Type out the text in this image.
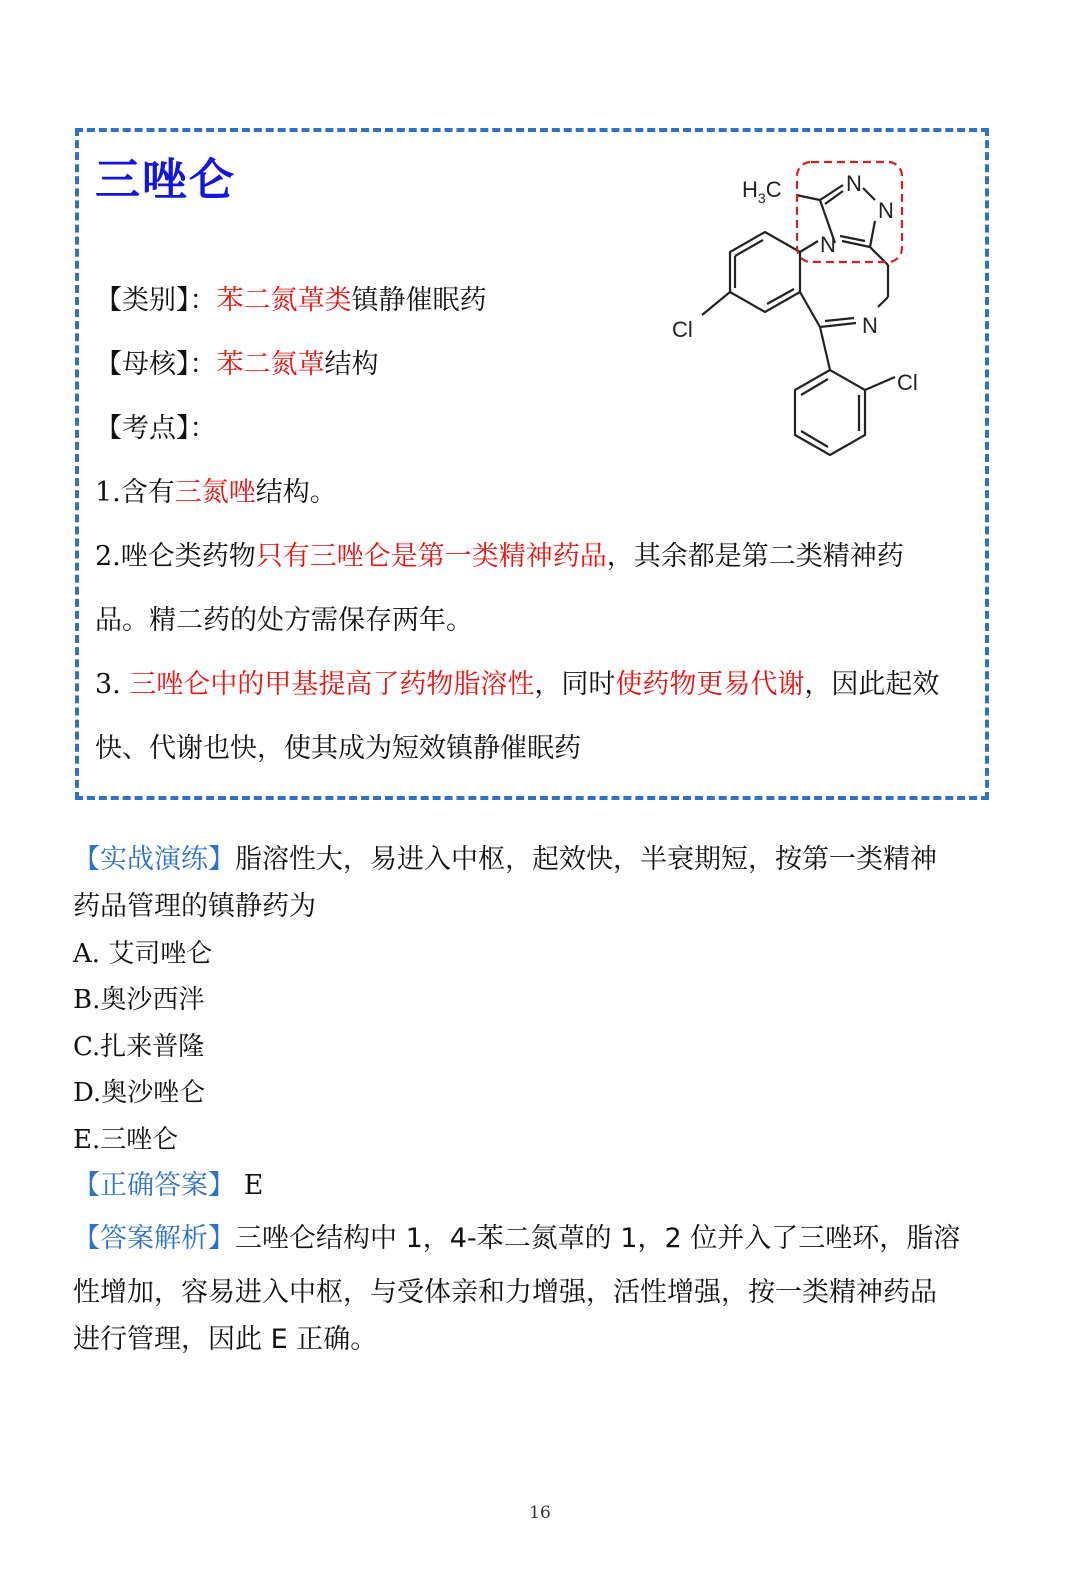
三唑仑	$H_3C$	N
N
N
N
Cl
Cl
【类别】：苯二氮䓬类镇静催眠药
【母核】：苯二氮䓬结构
【考点】：
1.含有三氮唑结构。
2.唑仑类药物只有三唑仑是第一类精神药品，其余都是第二类精神药
品。精二药的处方需保存两年。
3. 三唑仑中的甲基提高了药物脂溶性，同时使药物更易代谢，因此起效
快、代谢也快，使其成为短效镇静催眠药
【实战演练】脂溶性大，易进入中枢，起效快，半衰期短，按第一类精神
药品管理的镇静药为
A. 艾司唑仑
B.奥沙西泮
C.扎来普隆
D.奥沙唑仑
E.三唑仑
【正确答案】 E
【答案解析】三唑仑结构中 1，4-苯二氮䓬的 1，2 位并入了三唑环，脂溶
性增加，容易进入中枢，与受体亲和力增强，活性增强，按一类精神药品
进行管理，因此 E 正确。
16
